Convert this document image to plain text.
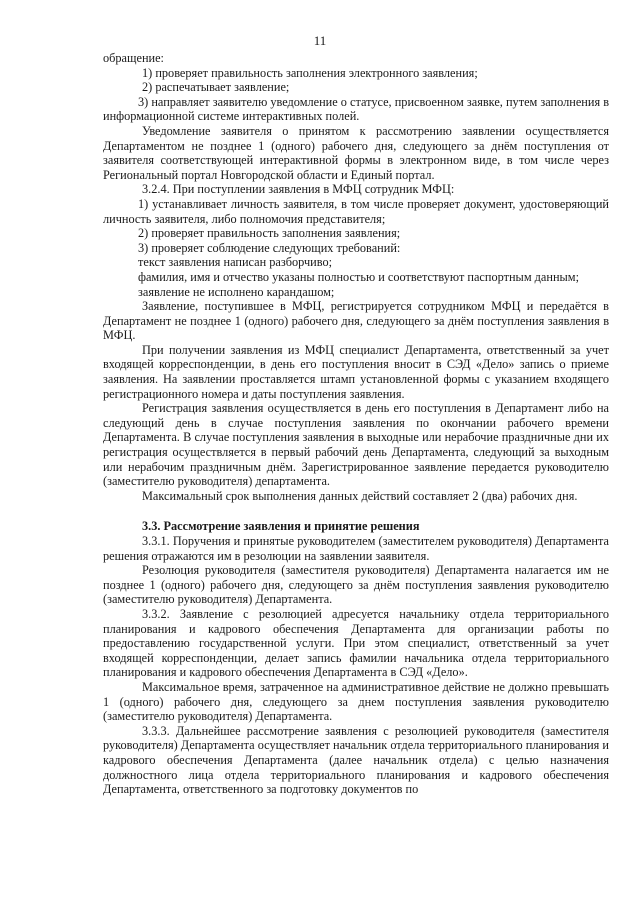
11

обращение:

1) проверяет правильность заполнения электронного заявления;

2) распечатывает заявление;

3) направляет заявителю уведомление о статусе, присвоенном заявке, путем заполнения в информационной системе интерактивных полей.

Уведомление заявителя о принятом к рассмотрению заявлении осуществляется Департаментом не позднее 1 (одного) рабочего дня, следующего за днём поступления от заявителя соответствующей интерактивной формы в электронном виде, в том числе через Региональный портал Новгородской области и Единый портал.

3.2.4. При поступлении заявления в МФЦ сотрудник МФЦ:

1) устанавливает личность заявителя, в том числе проверяет документ, удостоверяющий личность заявителя, либо полномочия представителя;

2) проверяет правильность заполнения заявления;

3) проверяет соблюдение следующих требований:

текст заявления написан разборчиво;

фамилия, имя и отчество указаны полностью и соответствуют паспортным данным;

заявление не исполнено карандашом;

Заявление, поступившее в МФЦ, регистрируется сотрудником МФЦ и передаётся в Департамент не позднее 1 (одного) рабочего дня, следующего за днём поступления заявления в МФЦ.

При получении заявления из МФЦ специалист Департамента, ответственный за учет входящей корреспонденции, в день его поступления вносит в СЭД «Дело» запись о приеме заявления. На заявлении проставляется штамп установленной формы с указанием входящего регистрационного номера и даты поступления заявления.

Регистрация заявления осуществляется в день его поступления в Департамент либо на следующий день в случае поступления заявления по окончании рабочего времени Департамента. В случае поступления заявления в выходные или нерабочие праздничные дни их регистрация осуществляется в первый рабочий день Департамента, следующий за выходным или нерабочим праздничным днём. Зарегистрированное заявление передается руководителю (заместителю руководителя) департамента.

Максимальный срок выполнения данных действий составляет 2 (два) рабочих дня.

3.3. Рассмотрение заявления и принятие решения

3.3.1. Поручения и принятые руководителем (заместителем руководителя) Департамента решения отражаются им в резолюции на заявлении заявителя.

Резолюция руководителя (заместителя руководителя) Департамента налагается им не позднее 1 (одного) рабочего дня, следующего за днём поступления заявления руководителю (заместителю руководителя) Департамента.

3.3.2. Заявление с резолюцией адресуется начальнику отдела территориального планирования и кадрового обеспечения Департамента для организации работы по предоставлению государственной услуги. При этом специалист, ответственный за учет входящей корреспонденции, делает запись фамилии начальника отдела территориального планирования и кадрового обеспечения Департамента в СЭД «Дело».

Максимальное время, затраченное на административное действие не должно превышать 1 (одного) рабочего дня, следующего за днем поступления заявления руководителю (заместителю руководителя) Департамента.

3.3.3. Дальнейшее рассмотрение заявления с резолюцией руководителя (заместителя руководителя) Департамента осуществляет начальник отдела территориального планирования и кадрового обеспечения Департамента (далее начальник отдела) с целью назначения должностного лица отдела территориального планирования и кадрового обеспечения Департамента, ответственного за подготовку документов по
